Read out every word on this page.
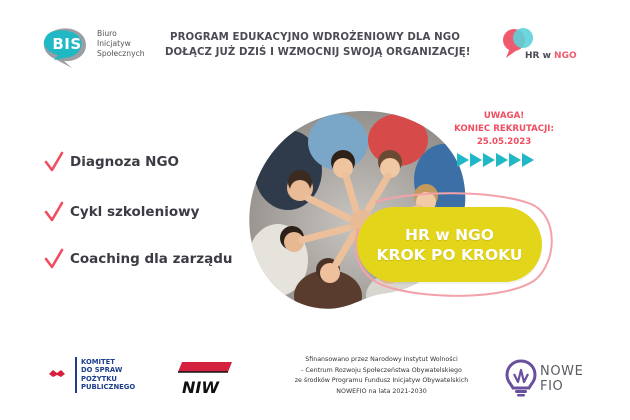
BIS
Biuro
Inicjatyw
Społecznych
PROGRAM EDUKACYJNO WDROŻENIOWY DLA NGO
DOŁĄCZ JUŻ DZIŚ I WZMOCNIJ SWOJĄ ORGANIZACJĘ!	HR w NGO
Diagnoza NGO
Cykl szkoleniowy
Coaching dla zarządu
UWAGA!
KONIEC REKRUTACJI:
25.05.2023
HR w NGO
KROK PO KROKU
KOMITET
DO SPRAW
POŻYTKU
PUBLICZNEGO	NIW
Sfinansowano przez Narodowy Instytut Wolności
- Centrum Rozwoju Społeczeństwa Obywatelskiego
ze środków Programu Fundusz Inicjatyw Obywatelskich
NOWEFIO na lata 2021-2030
NOWE
FIO
